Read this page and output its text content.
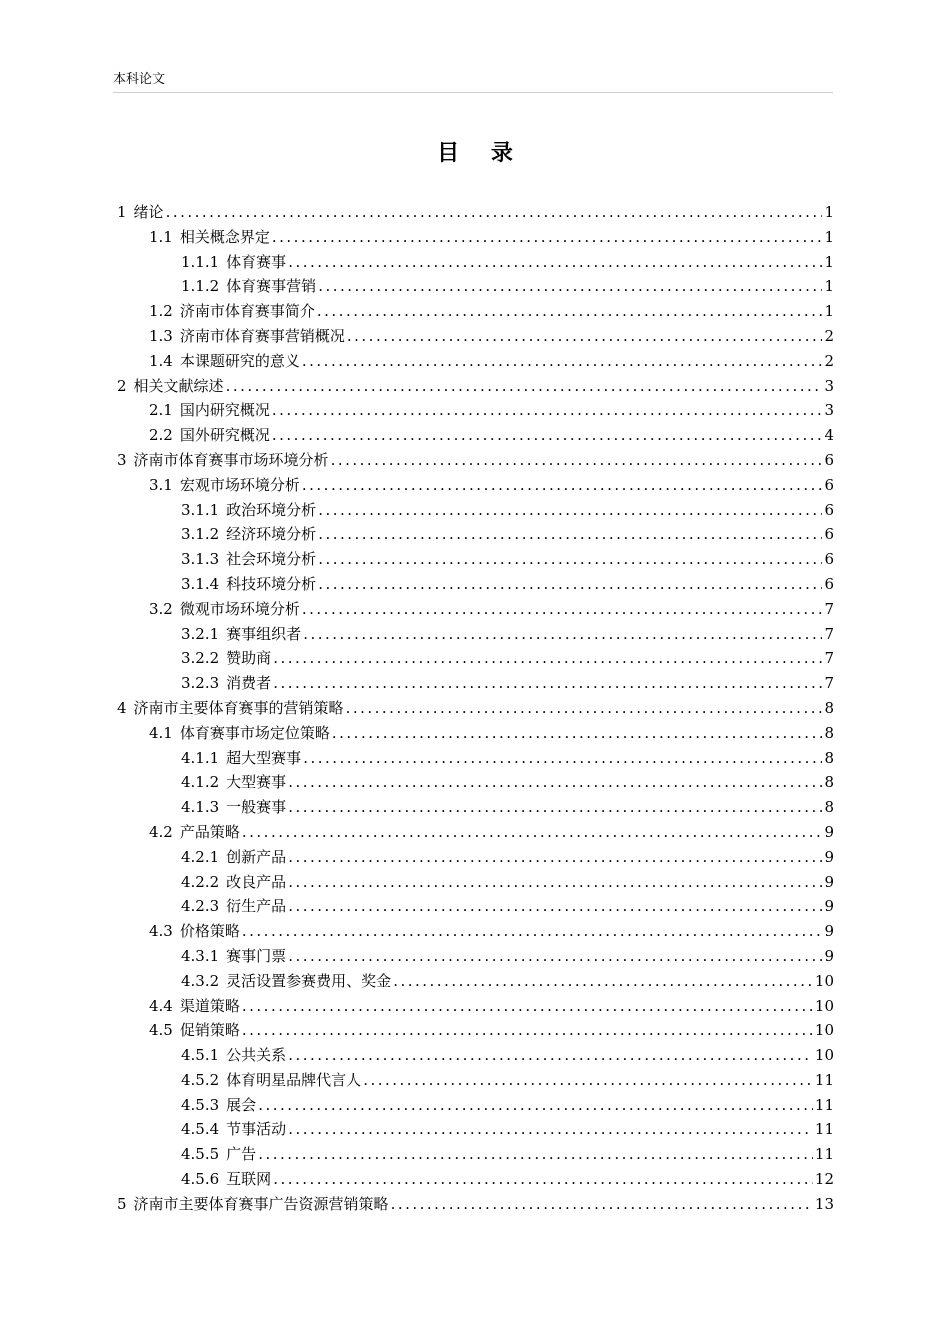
本科论文
目 录
1 绪论 .....	1
1.1 相关概念界定 .....	1
1.1.1 体育赛事 .....	1
1.1.2 体育赛事营销 .....	1
1.2 济南市体育赛事简介 .....	1
1.3 济南市体育赛事营销概况 .....	2
1.4 本课题研究的意义 .....	2
2 相关文献综述 .....	3
2.1 国内研究概况 .....	3
2.2 国外研究概况 .....	4
3 济南市体育赛事市场环境分析 .....	6
3.1 宏观市场环境分析 .....	6
3.1.1 政治环境分析 .....	6
3.1.2 经济环境分析 .....	6
3.1.3 社会环境分析 .....	6
3.1.4 科技环境分析 .....	6
3.2 微观市场环境分析 .....	7
3.2.1 赛事组织者 .....	7
3.2.2 赞助商 .....	7
3.2.3 消费者 .....	7
4 济南市主要体育赛事的营销策略 .....	8
4.1 体育赛事市场定位策略 .....	8
4.1.1 超大型赛事 .....	8
4.1.2 大型赛事 .....	8
4.1.3 一般赛事 .....	8
4.2 产品策略 .....	9
4.2.1 创新产品 .....	9
4.2.2 改良产品 .....	9
4.2.3 衍生产品 .....	9
4.3 价格策略 .....	9
4.3.1 赛事门票 .....	9
4.3.2 灵活设置参赛费用、奖金 .....	10
4.4 渠道策略 .....	10
4.5 促销策略 .....	10
4.5.1 公共关系 .....	10
4.5.2 体育明星品牌代言人 .....	11
4.5.3 展会 .....	11
4.5.4 节事活动 .....	11
4.5.5 广告 .....	11
4.5.6 互联网 .....	12
5 济南市主要体育赛事广告资源营销策略 .....	13
